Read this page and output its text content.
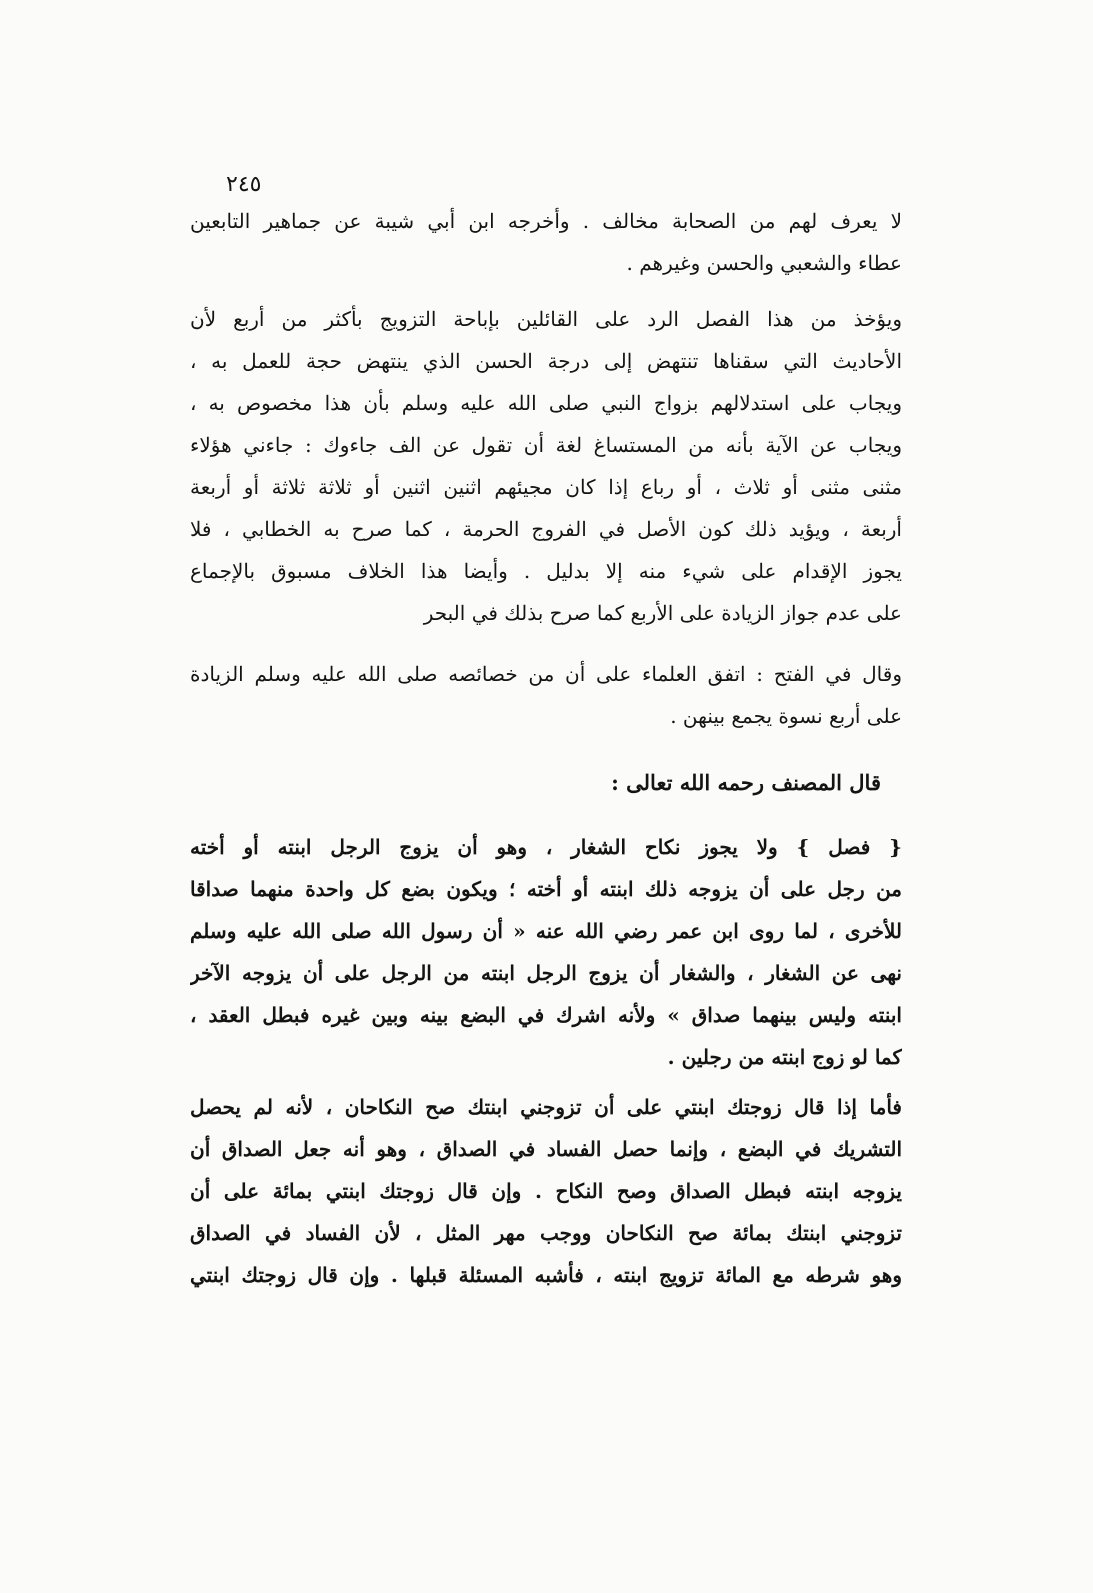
٢٤٥
لا يعرف لهم من الصحابة مخالف . وأخرجه ابن أبي شيبة عن جماهير التابعين
عطاء والشعبي والحسن وغيرهم .
ويؤخذ من هذا الفصل الرد على القائلين بإباحة التزويج بأكثر من أربع لأن
الأحاديث التي سقناها تنتهض إلى درجة الحسن الذي ينتهض حجة للعمل به ،
ويجاب على استدلالهم بزواج النبي صلى الله عليه وسلم بأن هذا مخصوص به ،
ويجاب عن الآية بأنه من المستساغ لغة أن تقول عن الف جاءوك : جاءني هؤلاء
مثنى مثنى أو ثلاث ، أو رباع إذا كان مجيئهم اثنين اثنين أو ثلاثة ثلاثة أو أربعة
أربعة ، ويؤيد ذلك كون الأصل في الفروج الحرمة ، كما صرح به الخطابي ، فلا
يجوز الإقدام على شيء منه إلا بدليل . وأيضا هذا الخلاف مسبوق بالإجماع
على عدم جواز الزيادة على الأربع كما صرح بذلك في البحر
وقال في الفتح : اتفق العلماء على أن من خصائصه صلى الله عليه وسلم الزيادة
على أربع نسوة يجمع بينهن .
قال المصنف رحمه الله تعالى :
{ فصل } ولا يجوز نكاح الشغار ، وهو أن يزوج الرجل ابنته أو أخته
من رجل على أن يزوجه ذلك ابنته أو أخته ؛ ويكون بضع كل واحدة منهما صداقا
للأخرى ، لما روى ابن عمر رضي الله عنه « أن رسول الله صلى الله عليه وسلم
نهى عن الشغار ، والشغار أن يزوج الرجل ابنته من الرجل على أن يزوجه الآخر
ابنته وليس بينهما صداق » ولأنه اشرك في البضع بينه وبين غيره فبطل العقد ،
كما لو زوج ابنته من رجلين .
فأما إذا قال زوجتك ابنتي على أن تزوجني ابنتك صح النكاحان ، لأنه لم يحصل
التشريك في البضع ، وإنما حصل الفساد في الصداق ، وهو أنه جعل الصداق أن
يزوجه ابنته فبطل الصداق وصح النكاح . وإن قال زوجتك ابنتي بمائة على أن
تزوجني ابنتك بمائة صح النكاحان ووجب مهر المثل ، لأن الفساد في الصداق
وهو شرطه مع المائة تزويج ابنته ، فأشبه المسئلة قبلها . وإن قال زوجتك ابنتي
